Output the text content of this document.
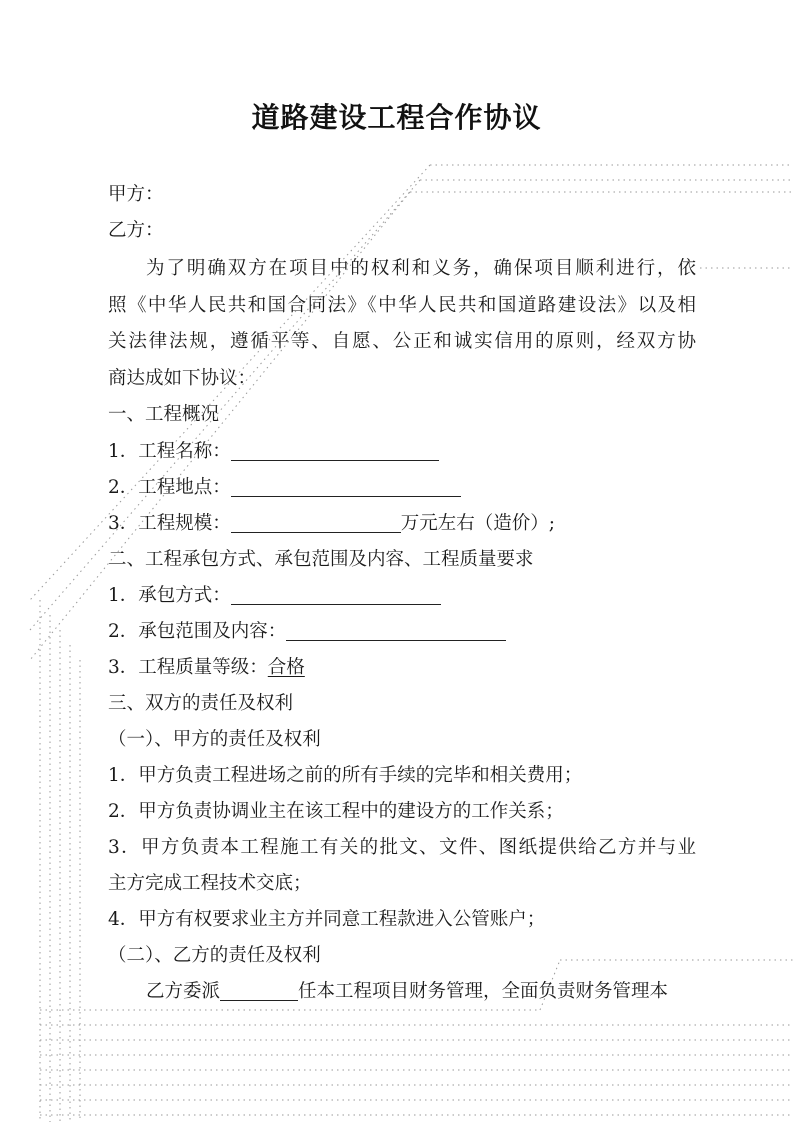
道路建设工程合作协议
甲方：
乙方：
为了明确双方在项目中的权利和义务，确保项目顺利进行，依
照《中华人民共和国合同法》《中华人民共和国道路建设法》以及相
关法律法规，遵循平等、自愿、公正和诚实信用的原则，经双方协
商达成如下协议：
一、工程概况
1．工程名称：
2．工程地点：
3．工程规模：	万元左右（造价）;
二、工程承包方式、承包范围及内容、工程质量要求
1．承包方式：
2．承包范围及内容：
3．工程质量等级：合格
三、双方的责任及权利
（一）、甲方的责任及权利
1．甲方负责工程进场之前的所有手续的完毕和相关费用；
2．甲方负责协调业主在该工程中的建设方的工作关系；
3．甲方负责本工程施工有关的批文、文件、图纸提供给乙方并与业
主方完成工程技术交底；
4．甲方有权要求业主方并同意工程款进入公管账户；
（二）、乙方的责任及权利
乙方委派	任本工程项目财务管理，全面负责财务管理本
